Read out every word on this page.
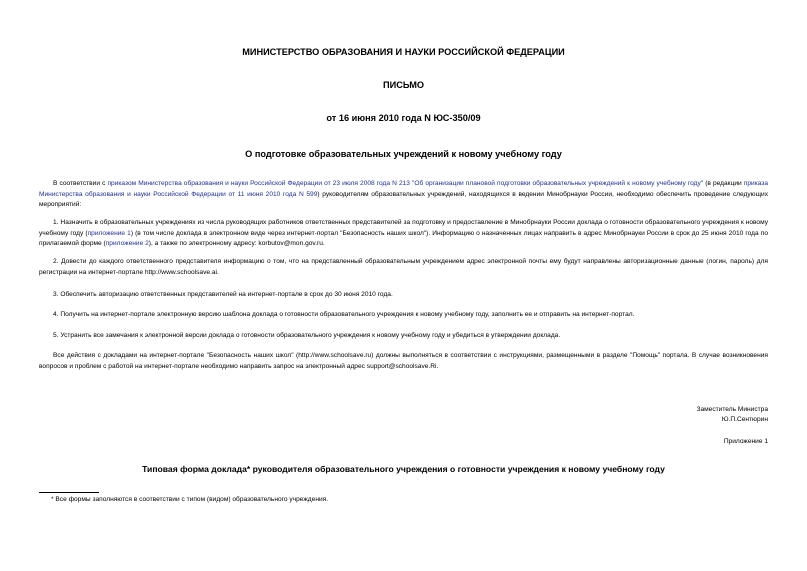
МИНИСТЕРСТВО ОБРАЗОВАНИЯ И НАУКИ РОССИЙСКОЙ ФЕДЕРАЦИИ
ПИСЬМО
от 16 июня 2010 года N ЮС-350/09
О подготовке образовательных учреждений к новому учебному году

В соответствии с приказом Министерства образования и науки Российской Федерации от 23 июля 2008 года N 213 "Об организации плановой подготовки образовательных учреждений к новому учебному году" (в редакции приказа Министерства образования и науки Российской Федерации от 11 июня 2010 года N 599) руководителям образовательных учреждений, находящихся в ведении Минобрнауки России, необходимо обеспечить проведение следующих мероприятий:

1. Назначить в образовательных учреждениях из числа руководящих работников ответственных представителей за подготовку и предоставление в Минобрнауки России доклада о готовности образовательного учреждения к новому учебному году (приложение 1) (в том числе доклада в электронном виде через интернет-портал "Безопасность наших школ"). Информацию о назначенных лицах направить в адрес Минобрнауки России в срок до 25 июня 2010 года по прилагаемой форме (приложение 2), а также по электронному адресу: korbutov@mon.gov.ru.

2. Довести до каждого ответственного представителя информацию о том, что на представленный образовательным учреждением адрес электронной почты ему будут направлены авторизационные данные (логин, пароль) для регистрации на интернет-портале http://www.schoolsave.ai.

3. Обеспечить авторизацию ответственных представителей на интернет-портале в срок до 30 июня 2010 года.

4. Получить на интернет-портале электронную версию шаблона доклада о готовности образовательного учреждения к новому учебному году, заполнить ее и отправить на интернет-портал.

5. Устранить все замечания к электронной версии доклада о готовности образовательного учреждения к новому учебному году и убедиться в утверждении доклада.

Все действия с докладами на интернет-портале "Безопасность наших школ" (http://www.schoolsave.ru) должны выполняться в соответствии с инструкциями, размещенными в разделе "Помощь" портала. В случае возникновения вопросов и проблем с работой на интернет-портале необходимо направить запрос на электронный адрес support@schoolsave.Ri.

Заместитель Министра
Ю.П.Сентюрин
Приложение 1
Типовая форма доклада* руководителя образовательного учреждения о готовности учреждения к новому учебному году
* Все формы заполняются в соответствии с типом (видом) образовательного учреждения.
